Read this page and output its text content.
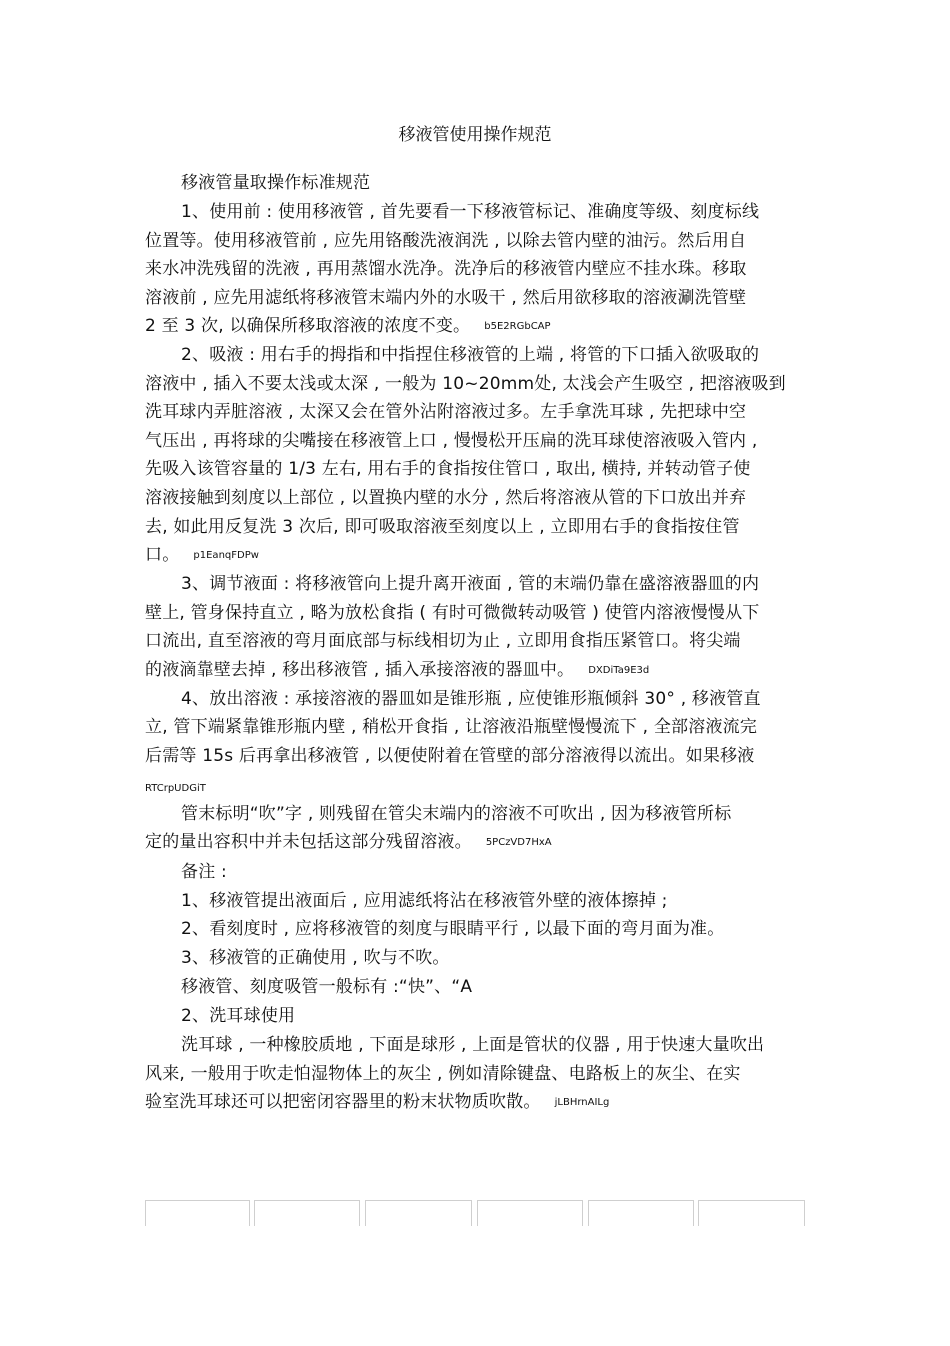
移液管使用操作规范
移液管量取操作标准规范
1、使用前 : 使用移液管 , 首先要看一下移液管标记、准确度等级、刻度标线
位置等。使用移液管前 , 应先用铬酸洗液润洗 , 以除去管内壁的油污。然后用自
来水冲洗残留的洗液 , 再用蒸馏水洗净。洗净后的移液管内壁应不挂水珠。移取
溶液前 , 应先用滤纸将移液管末端内外的水吸干 , 然后用欲移取的溶液涮洗管壁
2 至 3 次, 以确保所移取溶液的浓度不变。 b5E2RGbCAP
2、吸液 : 用右手的拇指和中指捏住移液管的上端 , 将管的下口插入欲吸取的
溶液中 , 插入不要太浅或太深 , 一般为 10~20mm处, 太浅会产生吸空 , 把溶液吸到
洗耳球内弄脏溶液 , 太深又会在管外沾附溶液过多。左手拿洗耳球 , 先把球中空
气压出 , 再将球的尖嘴接在移液管上口 , 慢慢松开压扁的洗耳球使溶液吸入管内 ,
先吸入该管容量的 1/3 左右, 用右手的食指按住管口 , 取出, 横持, 并转动管子使
溶液接触到刻度以上部位 , 以置换内壁的水分 , 然后将溶液从管的下口放出并弃
去, 如此用反复洗 3 次后, 即可吸取溶液至刻度以上 , 立即用右手的食指按住管
口。 p1EanqFDPw
3、调节液面 : 将移液管向上提升离开液面 , 管的末端仍靠在盛溶液器皿的内
壁上, 管身保持直立 , 略为放松食指 ( 有时可微微转动吸管 ) 使管内溶液慢慢从下
口流出, 直至溶液的弯月面底部与标线相切为止 , 立即用食指压紧管口。将尖端
的液滴靠壁去掉 , 移出移液管 , 插入承接溶液的器皿中。 DXDiTa9E3d
4、放出溶液 : 承接溶液的器皿如是锥形瓶 , 应使锥形瓶倾斜 30° , 移液管直
立, 管下端紧靠锥形瓶内壁 , 稍松开食指 , 让溶液沿瓶壁慢慢流下 , 全部溶液流完
后需等 15s 后再拿出移液管 , 以便使附着在管壁的部分溶液得以流出。如果移液
RTCrpUDGiT
管末标明“吹”字 , 则残留在管尖末端内的溶液不可吹出 , 因为移液管所标
定的量出容积中并未包括这部分残留溶液。 5PCzVD7HxA
备注 :
1、移液管提出液面后 , 应用滤纸将沾在移液管外壁的液体擦掉 ;
2、看刻度时 , 应将移液管的刻度与眼睛平行 , 以最下面的弯月面为准。
3、移液管的正确使用 , 吹与不吹。
移液管、刻度吸管一般标有 :“快”、“A
2、洗耳球使用
洗耳球 , 一种橡胶质地 , 下面是球形 , 上面是管状的仪器 , 用于快速大量吹出
风来, 一般用于吹走怕湿物体上的灰尘 , 例如清除键盘、电路板上的灰尘、在实
验室洗耳球还可以把密闭容器里的粉末状物质吹散。 jLBHrnAILg
